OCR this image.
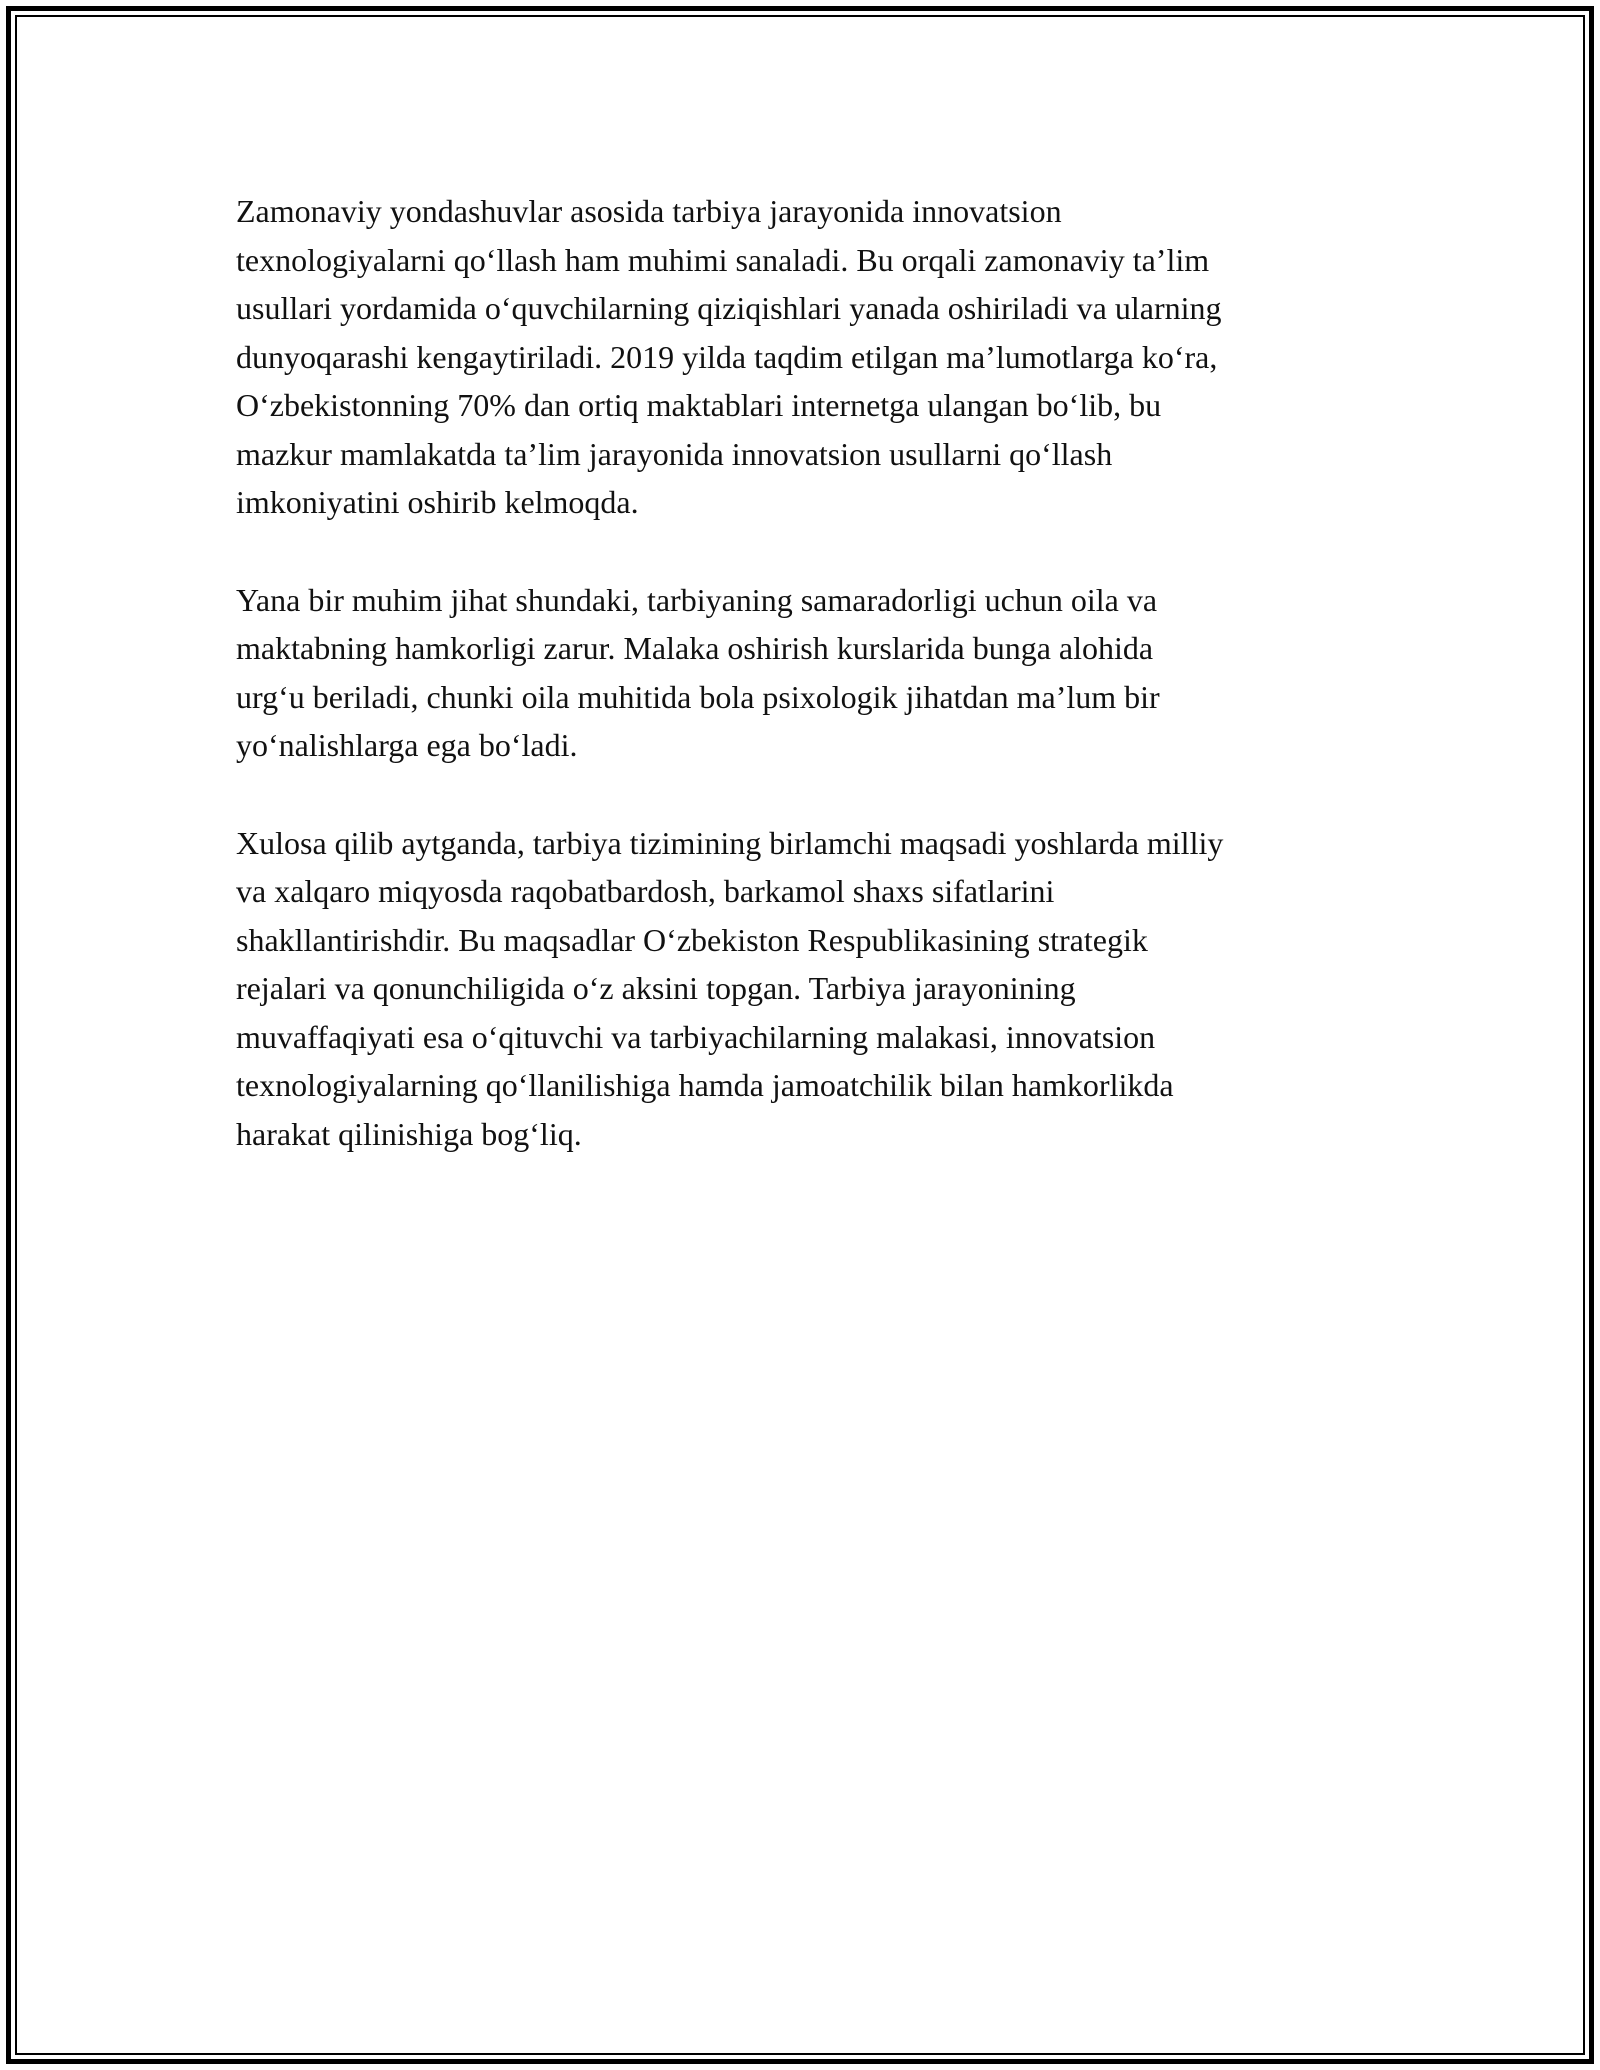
Zamonaviy yondashuvlar asosida tarbiya jarayonida innovatsion
texnologiyalarni qo‘llash ham muhimi sanaladi. Bu orqali zamonaviy ta’lim
usullari yordamida o‘quvchilarning qiziqishlari yanada oshiriladi va ularning
dunyoqarashi kengaytiriladi. 2019 yilda taqdim etilgan ma’lumotlarga ko‘ra,
O‘zbekistonning 70% dan ortiq maktablari internetga ulangan bo‘lib, bu
mazkur mamlakatda ta’lim jarayonida innovatsion usullarni qo‘llash
imkoniyatini oshirib kelmoqda.

Yana bir muhim jihat shundaki, tarbiyaning samaradorligi uchun oila va
maktabning hamkorligi zarur. Malaka oshirish kurslarida bunga alohida
urg‘u beriladi, chunki oila muhitida bola psixologik jihatdan ma’lum bir
yo‘nalishlarga ega bo‘ladi.

Xulosa qilib aytganda, tarbiya tizimining birlamchi maqsadi yoshlarda milliy
va xalqaro miqyosda raqobatbardosh, barkamol shaxs sifatlarini
shakllantirishdir. Bu maqsadlar O‘zbekiston Respublikasining strategik
rejalari va qonunchiligida o‘z aksini topgan. Tarbiya jarayonining
muvaffaqiyati esa o‘qituvchi va tarbiyachilarning malakasi, innovatsion
texnologiyalarning qo‘llanilishiga hamda jamoatchilik bilan hamkorlikda
harakat qilinishiga bog‘liq.
